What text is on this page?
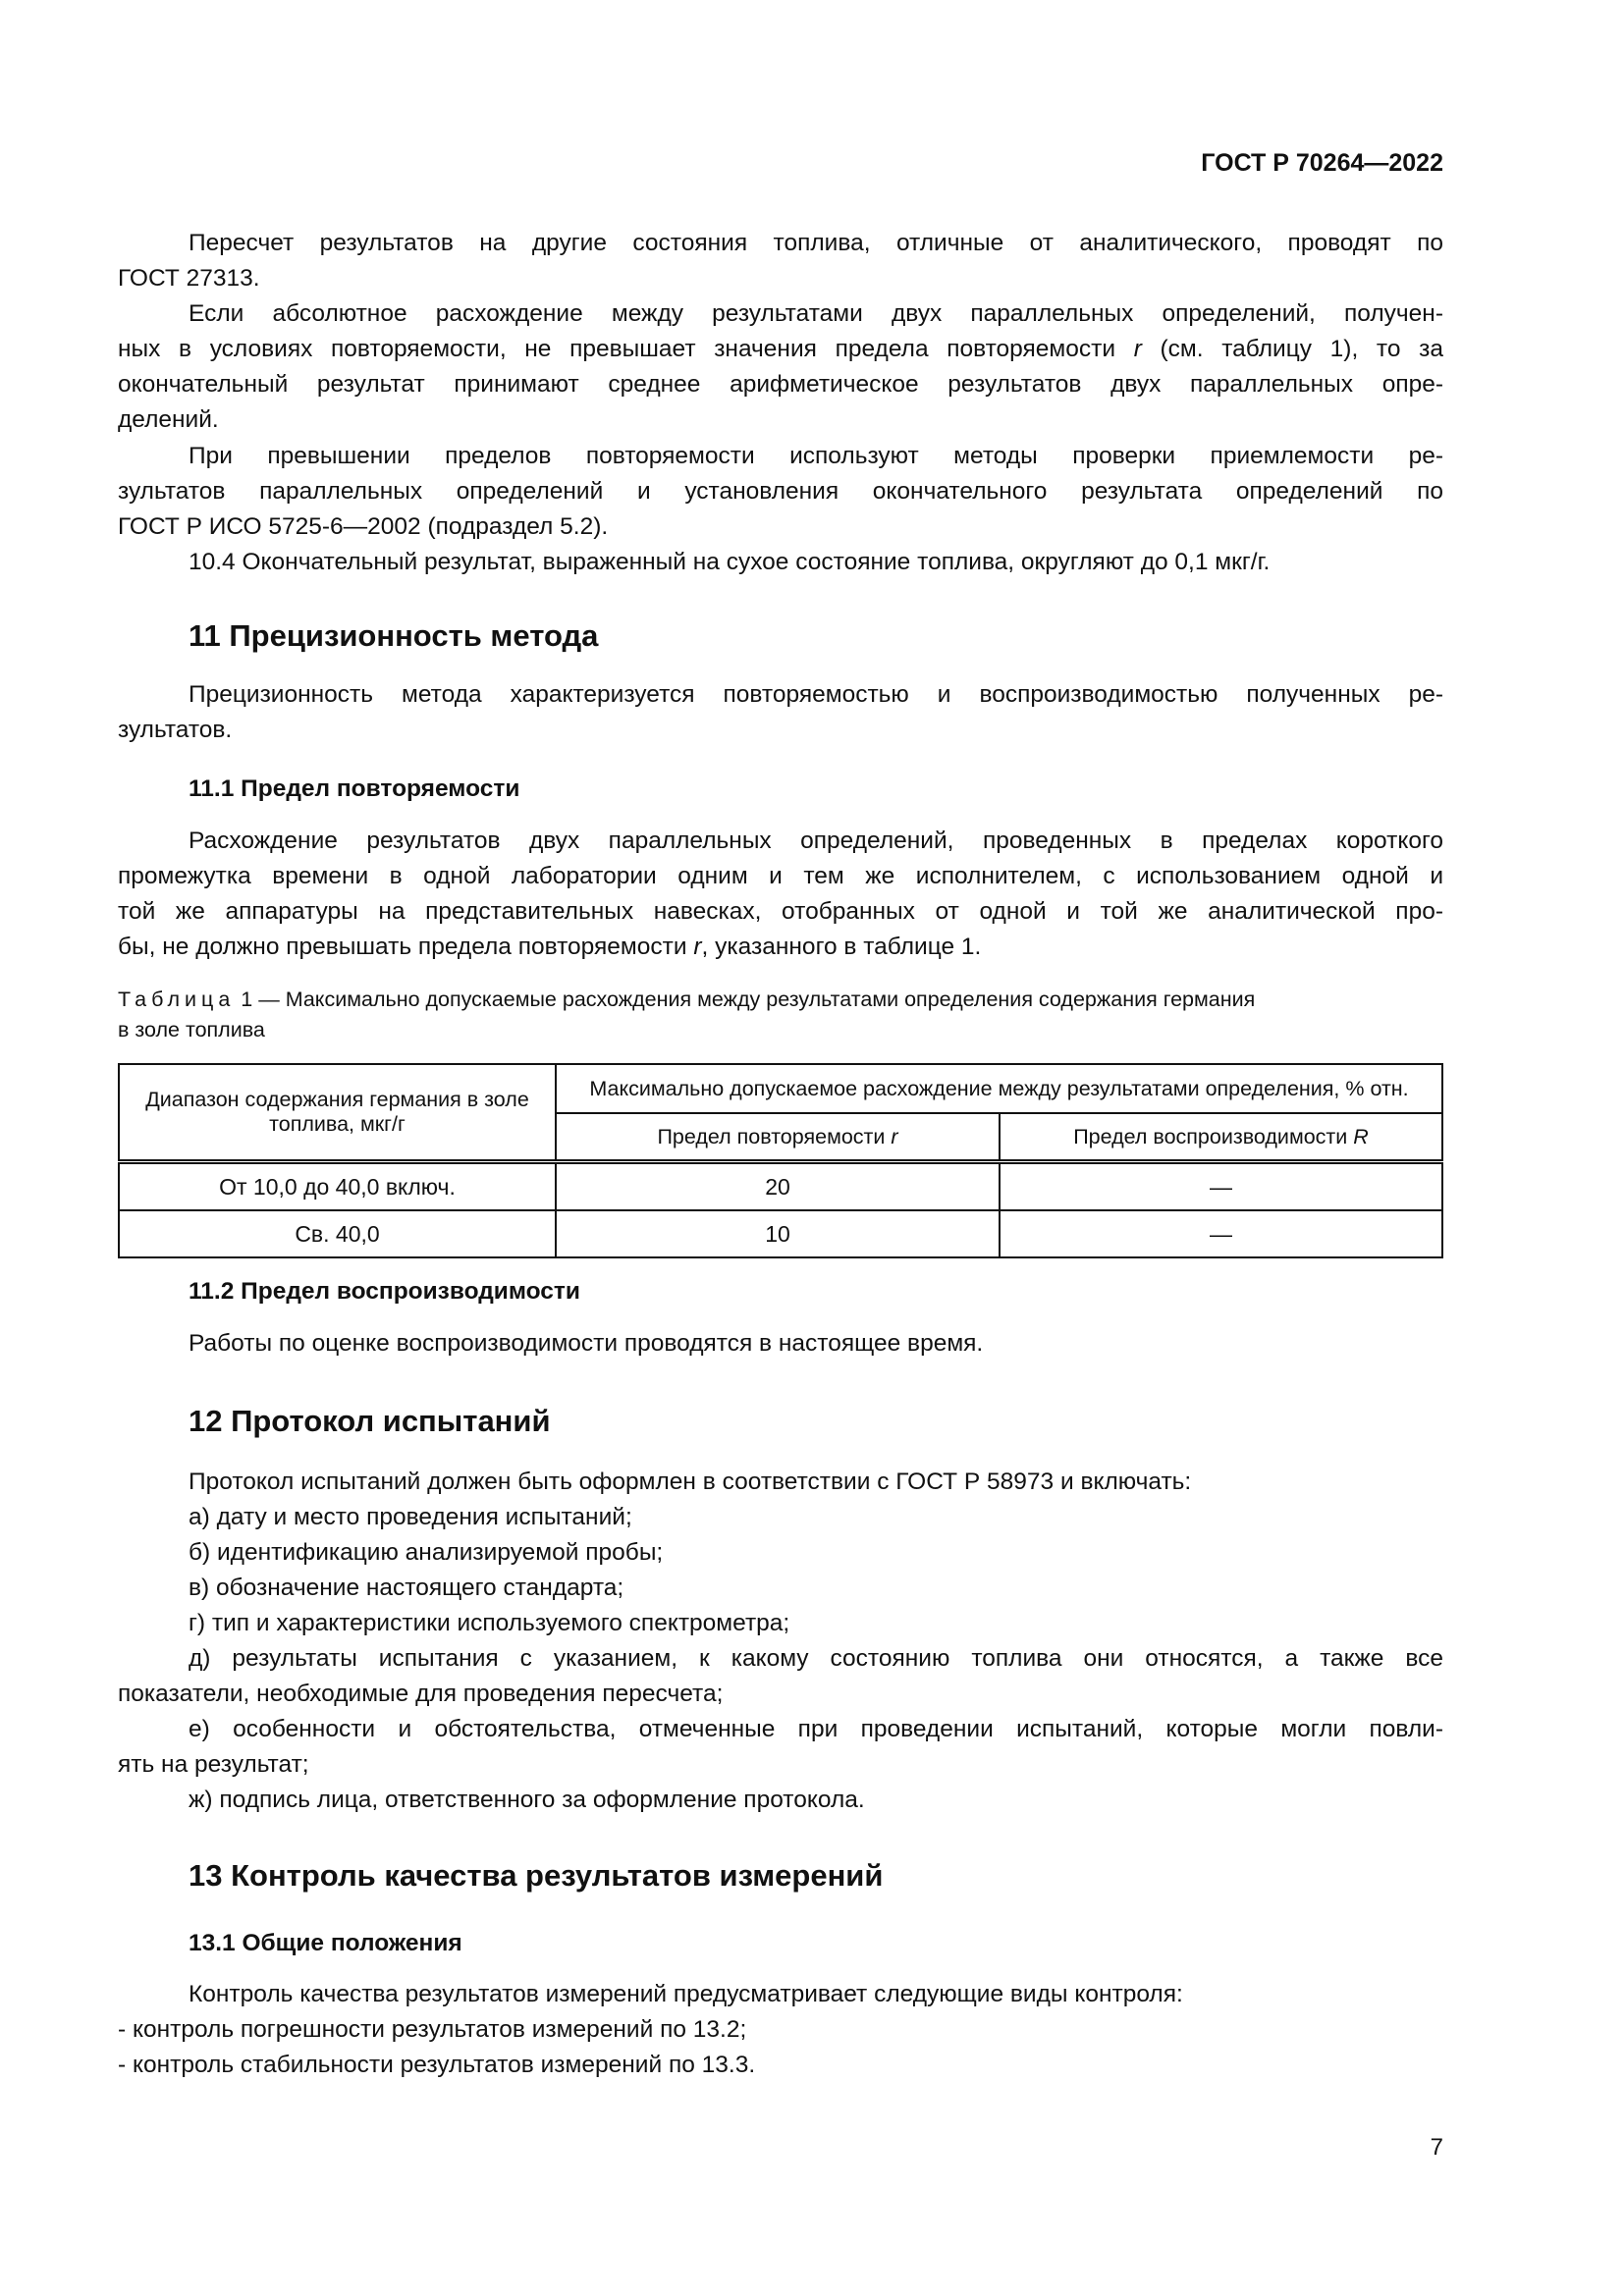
ГОСТ Р 70264—2022
Пересчет результатов на другие состояния топлива, отличные от аналитического, проводят по
ГОСТ 27313.
Если абсолютное расхождение между результатами двух параллельных определений, получен-
ных в условиях повторяемости, не превышает значения предела повторяемости r (см. таблицу 1), то за
окончательный результат принимают среднее арифметическое результатов двух параллельных опре-
делений.
При превышении пределов повторяемости используют методы проверки приемлемости ре-
зультатов параллельных определений и установления окончательного результата определений по
ГОСТ Р ИСО 5725-6—2002 (подраздел 5.2).
10.4 Окончательный результат, выраженный на сухое состояние топлива, округляют до 0,1 мкг/г.
11 Прецизионность метода
Прецизионность метода характеризуется повторяемостью и воспроизводимостью полученных ре-
зультатов.
11.1 Предел повторяемости
Расхождение результатов двух параллельных определений, проведенных в пределах короткого
промежутка времени в одной лаборатории одним и тем же исполнителем, с использованием одной и
той же аппаратуры на представительных навесках, отобранных от одной и той же аналитической про-
бы, не должно превышать предела повторяемости r, указанного в таблице 1.
Таблица 1 — Максимально допускаемые расхождения между результатами определения содержания германия
в золе топлива
Диапазон содержания германия в золе топлива, мкг/г	Максимально допускаемое расхождение между результатами определения, % отн.	
	Предел повторяемости r	Предел воспроизводимости R
От 10,0 до 40,0 включ.	20	—
Св. 40,0	10	—
11.2 Предел воспроизводимости
Работы по оценке воспроизводимости проводятся в настоящее время.
12 Протокол испытаний
Протокол испытаний должен быть оформлен в соответствии с ГОСТ Р 58973 и включать:
а) дату и место проведения испытаний;
б) идентификацию анализируемой пробы;
в) обозначение настоящего стандарта;
г) тип и характеристики используемого спектрометра;
д) результаты испытания с указанием, к какому состоянию топлива они относятся, а также все
показатели, необходимые для проведения пересчета;
е) особенности и обстоятельства, отмеченные при проведении испытаний, которые могли повли-
ять на результат;
ж) подпись лица, ответственного за оформление протокола.
13 Контроль качества результатов измерений
13.1 Общие положения
Контроль качества результатов измерений предусматривает следующие виды контроля:
- контроль погрешности результатов измерений по 13.2;
- контроль стабильности результатов измерений по 13.3.
7
